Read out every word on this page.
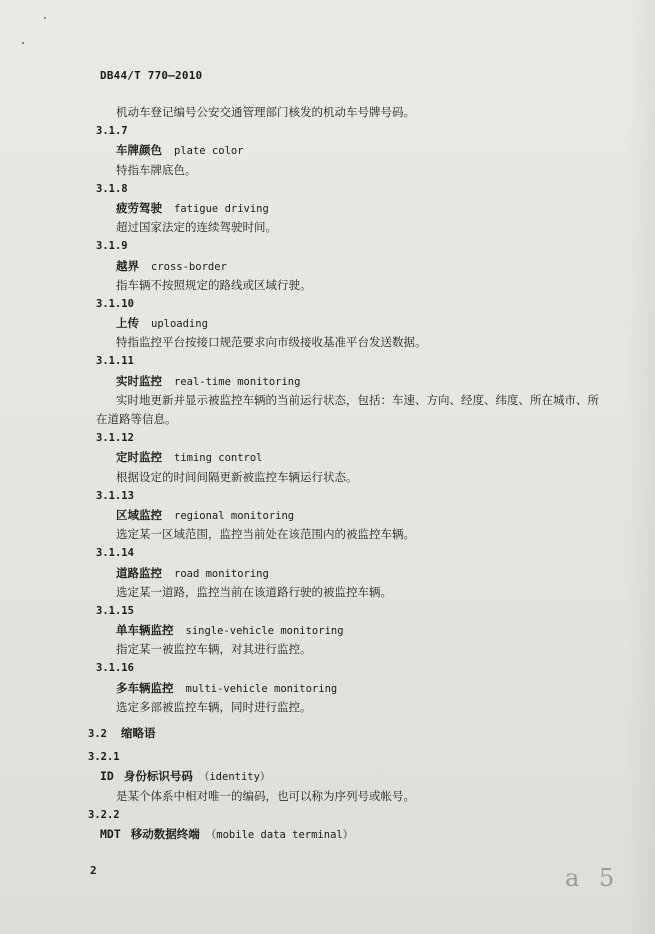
DB44/T 770—2010
机动车登记编号公安交通管理部门核发的机动车号牌号码。
3.1.7
车牌颜色 plate color
特指车牌底色。
3.1.8
疲劳驾驶 fatigue driving
超过国家法定的连续驾驶时间。
3.1.9
越界 cross-border
指车辆不按照规定的路线或区域行驶。
3.1.10
上传 uploading
特指监控平台按接口规范要求向市级接收基准平台发送数据。
3.1.11
实时监控 real-time monitoring
实时地更新并显示被监控车辆的当前运行状态，包括：车速、方向、经度、纬度、所在城市、所
在道路等信息。
3.1.12
定时监控 timing control
根据设定的时间间隔更新被监控车辆运行状态。
3.1.13
区域监控 regional monitoring
选定某一区域范围，监控当前处在该范围内的被监控车辆。
3.1.14
道路监控 road monitoring
选定某一道路，监控当前在该道路行驶的被监控车辆。
3.1.15
单车辆监控 single-vehicle monitoring
指定某一被监控车辆，对其进行监控。
3.1.16
多车辆监控 multi-vehicle monitoring
选定多部被监控车辆，同时进行监控。
3.2 缩略语
3.2.1
ID 身份标识号码 （identity）
是某个体系中相对唯一的编码，也可以称为序列号或帐号。
3.2.2
MDT 移动数据终端 （mobile data terminal）
2	a 5
